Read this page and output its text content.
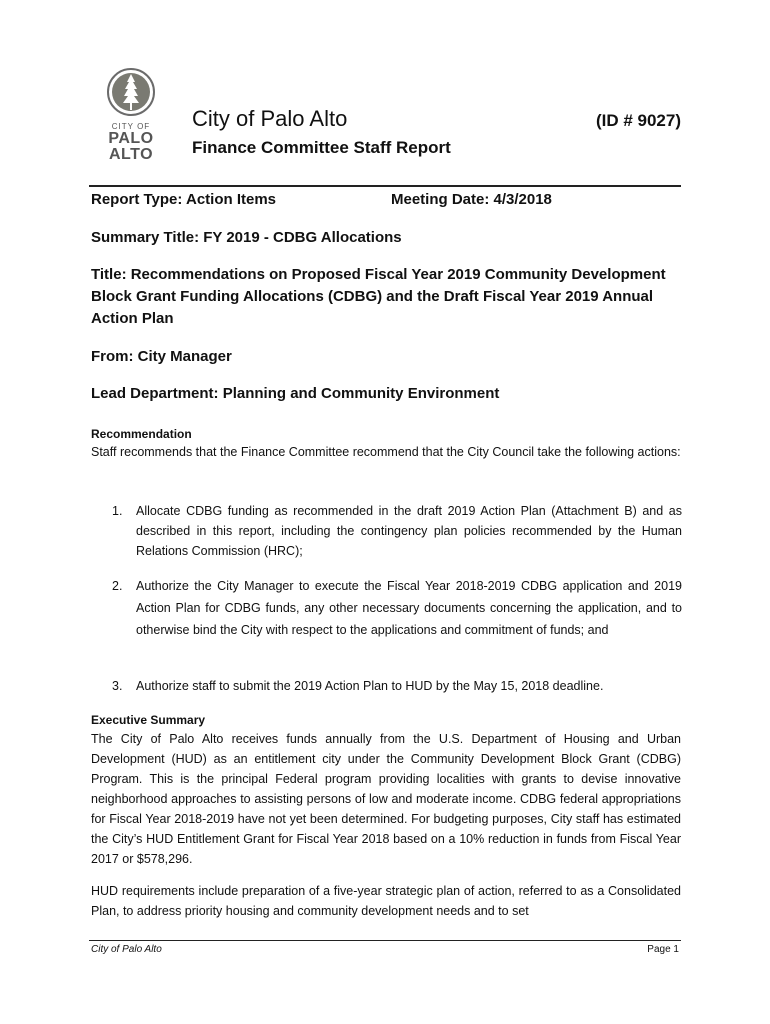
CITY OF
PALO
ALTO
City of Palo Alto	(ID # 9027)
Finance Committee Staff Report
Report Type: Action Items	Meeting Date: 4/3/2018
Summary Title: FY 2019 - CDBG Allocations
Title: Recommendations on Proposed Fiscal Year 2019 Community Development Block Grant Funding Allocations (CDBG) and the Draft Fiscal Year 2019 Annual Action Plan
From: City Manager
Lead Department: Planning and Community Environment
Recommendation
Staff recommends that the Finance Committee recommend that the City Council take the following actions:
1.	Allocate CDBG funding as recommended in the draft 2019 Action Plan (Attachment B) and as described in this report, including the contingency plan policies recommended by the Human Relations Commission (HRC);
2.	Authorize the City Manager to execute the Fiscal Year 2018-2019 CDBG application and 2019 Action Plan for CDBG funds, any other necessary documents concerning the application, and to otherwise bind the City with respect to the applications and commitment of funds; and
3.	Authorize staff to submit the 2019 Action Plan to HUD by the May 15, 2018 deadline.
Executive Summary
The City of Palo Alto receives funds annually from the U.S. Department of Housing and Urban Development (HUD) as an entitlement city under the Community Development Block Grant (CDBG) Program. This is the principal Federal program providing localities with grants to devise innovative neighborhood approaches to assisting persons of low and moderate income. CDBG federal appropriations for Fiscal Year 2018-2019 have not yet been determined. For budgeting purposes, City staff has estimated the City’s HUD Entitlement Grant for Fiscal Year 2018 based on a 10% reduction in funds from Fiscal Year 2017 or $578,296.
HUD requirements include preparation of a five-year strategic plan of action, referred to as a Consolidated Plan, to address priority housing and community development needs and to set
City of Palo Alto	Page 1
